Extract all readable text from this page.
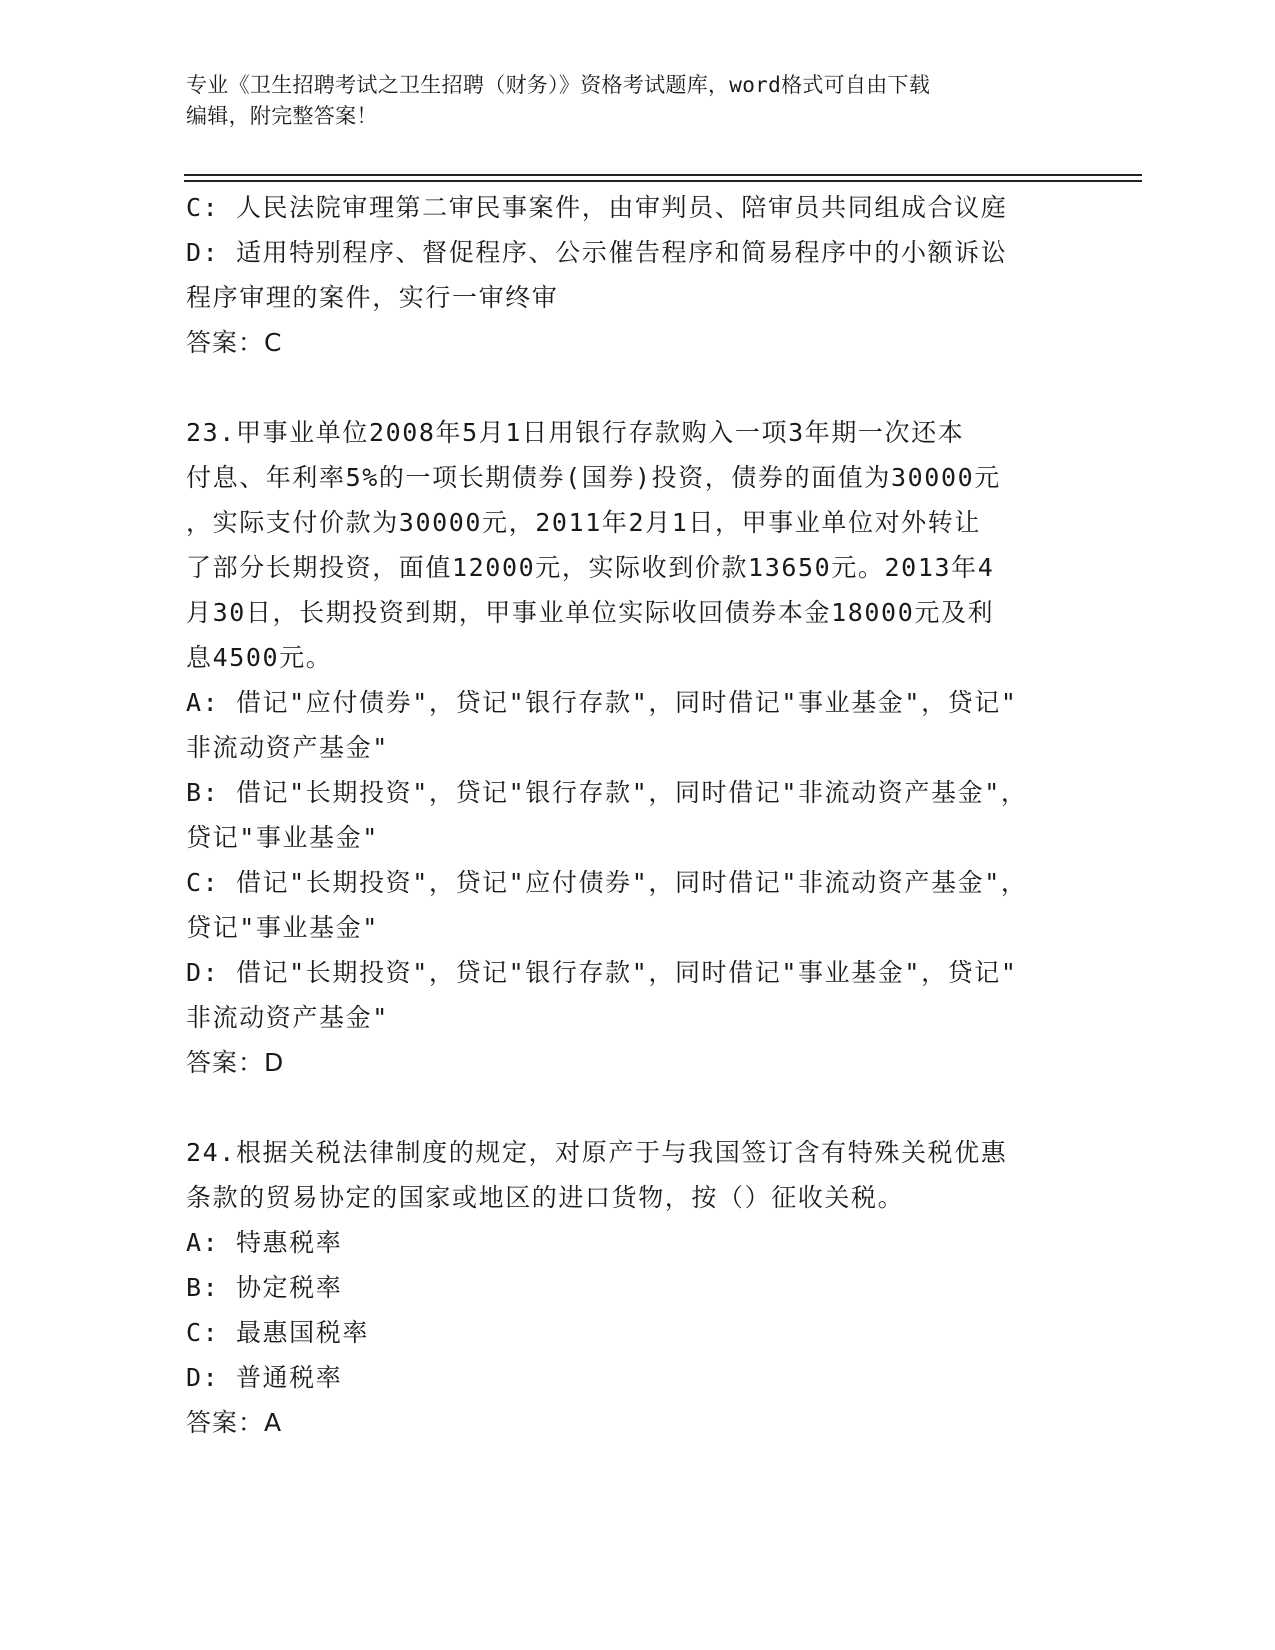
专业《卫生招聘考试之卫生招聘（财务）》资格考试题库，word格式可自由下载
编辑，附完整答案！
C: 人民法院审理第二审民事案件，由审判员、陪审员共同组成合议庭
D: 适用特别程序、督促程序、公示催告程序和简易程序中的小额诉讼
程序审理的案件，实行一审终审
答案：C
23.甲事业单位2008年5月1日用银行存款购入一项3年期一次还本
付息、年利率5%的一项长期债券(国券)投资，债券的面值为30000元
，实际支付价款为30000元，2011年2月1日，甲事业单位对外转让
了部分长期投资，面值12000元，实际收到价款13650元。2013年4
月30日，长期投资到期，甲事业单位实际收回债券本金18000元及利
息4500元。
A: 借记"应付债券"，贷记"银行存款"，同时借记"事业基金"，贷记"
非流动资产基金"
B: 借记"长期投资"，贷记"银行存款"，同时借记"非流动资产基金"，
贷记"事业基金"
C: 借记"长期投资"，贷记"应付债券"，同时借记"非流动资产基金"，
贷记"事业基金"
D: 借记"长期投资"，贷记"银行存款"，同时借记"事业基金"，贷记"
非流动资产基金"
答案：D
24.根据关税法律制度的规定，对原产于与我国签订含有特殊关税优惠
条款的贸易协定的国家或地区的进口货物，按（）征收关税。
A: 特惠税率
B: 协定税率
C: 最惠国税率
D: 普通税率
答案：A
